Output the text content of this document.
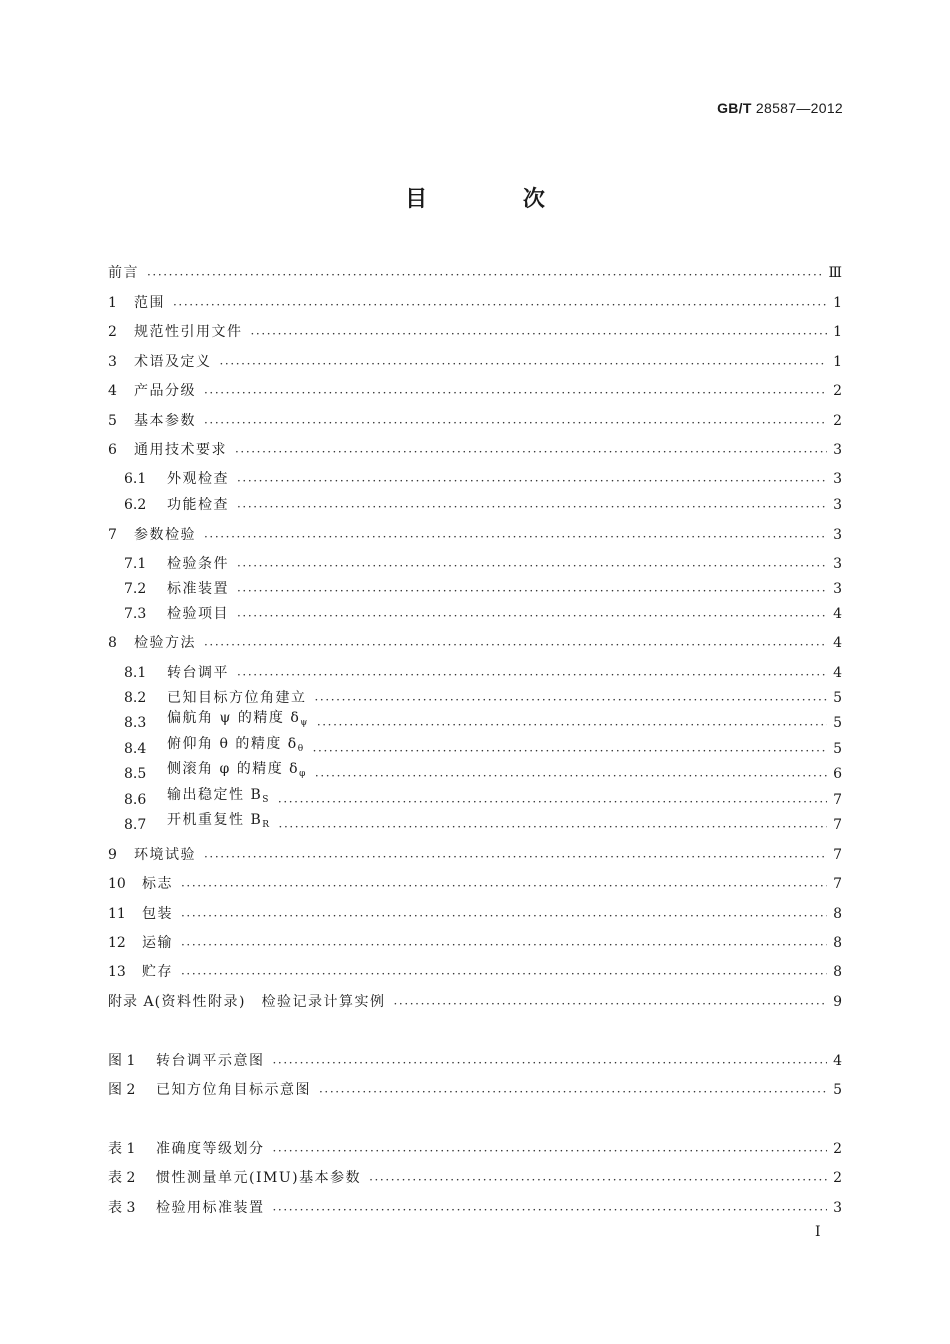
GB/T 28587—2012
目 次
前言 ·····	Ⅲ
1	范围 ·····	1
2	规范性引用文件 ·····	1
3	术语及定义 ·····	1
4	产品分级 ·····	2
5	基本参数 ·····	2
6	通用技术要求 ·····	3
6.1	外观检查 ·····	3
6.2	功能检查 ·····	3
7	参数检验 ·····	3
7.1	检验条件 ·····	3
7.2	标准装置 ·····	3
7.3	检验项目 ·····	4
8	检验方法 ·····	4
8.1	转台调平 ·····	4
8.2	已知目标方位角建立 ·····	5
8.3	偏航角 ψ 的精度 $\delta_\psi$ ·····	5
8.4	俯仰角 θ 的精度 $\delta_\theta$ ·····	5
8.5	侧滚角 φ 的精度 $\delta_\varphi$ ·····	6
8.6	输出稳定性 $B_S$ ·····	7
8.7	开机重复性 $B_R$ ·····	7
9	环境试验 ·····	7
10	标志 ·····	7
11	包装 ·····	8
12	运输 ·····	8
13	贮存 ·····	8
附录 A (资料性附录)　检验记录计算实例 ·····	9
图 1	转台调平示意图 ·····	4
图 2	已知方位角目标示意图 ·····	5
表 1	准确度等级划分 ·····	2
表 2	惯性测量单元(IMU)基本参数 ·····	2
表 3	检验用标准装置 ·····	3
I
